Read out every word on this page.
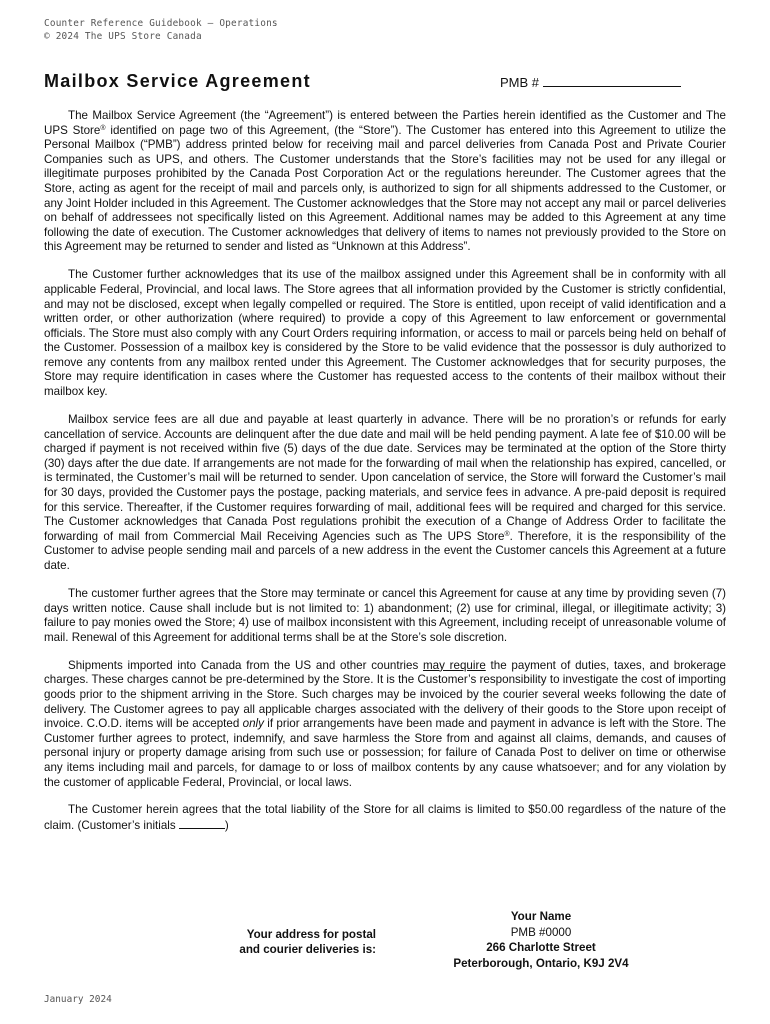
Counter Reference Guidebook – Operations
© 2024 The UPS Store Canada
Mailbox Service Agreement	PMB #

The Mailbox Service Agreement (the “Agreement”) is entered between the Parties herein identified as the Customer and The UPS Store® identified on page two of this Agreement, (the “Store”). The Customer has entered into this Agreement to utilize the Personal Mailbox (“PMB”) address printed below for receiving mail and parcel deliveries from Canada Post and Private Courier Companies such as UPS, and others. The Customer understands that the Store’s facilities may not be used for any illegal or illegitimate purposes prohibited by the Canada Post Corporation Act or the regulations hereunder. The Customer agrees that the Store, acting as agent for the receipt of mail and parcels only, is authorized to sign for all shipments addressed to the Customer, or any Joint Holder included in this Agreement. The Customer acknowledges that the Store may not accept any mail or parcel deliveries on behalf of addressees not specifically listed on this Agreement. Additional names may be added to this Agreement at any time following the date of execution. The Customer acknowledges that delivery of items to names not previously provided to the Store on this Agreement may be returned to sender and listed as “Unknown at this Address”.

The Customer further acknowledges that its use of the mailbox assigned under this Agreement shall be in conformity with all applicable Federal, Provincial, and local laws. The Store agrees that all information provided by the Customer is strictly confidential, and may not be disclosed, except when legally compelled or required. The Store is entitled, upon receipt of valid identification and a written order, or other authorization (where required) to provide a copy of this Agreement to law enforcement or governmental officials. The Store must also comply with any Court Orders requiring information, or access to mail or parcels being held on behalf of the Customer. Possession of a mailbox key is considered by the Store to be valid evidence that the possessor is duly authorized to remove any contents from any mailbox rented under this Agreement. The Customer acknowledges that for security purposes, the Store may require identification in cases where the Customer has requested access to the contents of their mailbox without their mailbox key.

Mailbox service fees are all due and payable at least quarterly in advance. There will be no proration’s or refunds for early cancellation of service. Accounts are delinquent after the due date and mail will be held pending payment. A late fee of $10.00 will be charged if payment is not received within five (5) days of the due date. Services may be terminated at the option of the Store thirty (30) days after the due date. If arrangements are not made for the forwarding of mail when the relationship has expired, cancelled, or is terminated, the Customer’s mail will be returned to sender. Upon cancelation of service, the Store will forward the Customer’s mail for 30 days, provided the Customer pays the postage, packing materials, and service fees in advance. A pre-paid deposit is required for this service. Thereafter, if the Customer requires forwarding of mail, additional fees will be required and charged for this service. The Customer acknowledges that Canada Post regulations prohibit the execution of a Change of Address Order to facilitate the forwarding of mail from Commercial Mail Receiving Agencies such as The UPS Store®. Therefore, it is the responsibility of the Customer to advise people sending mail and parcels of a new address in the event the Customer cancels this Agreement at a future date.

The customer further agrees that the Store may terminate or cancel this Agreement for cause at any time by providing seven (7) days written notice. Cause shall include but is not limited to: 1) abandonment; (2) use for criminal, illegal, or illegitimate activity; 3) failure to pay monies owed the Store; 4) use of mailbox inconsistent with this Agreement, including receipt of unreasonable volume of mail. Renewal of this Agreement for additional terms shall be at the Store’s sole discretion.

Shipments imported into Canada from the US and other countries may require the payment of duties, taxes, and brokerage charges. These charges cannot be pre-determined by the Store. It is the Customer’s responsibility to investigate the cost of importing goods prior to the shipment arriving in the Store. Such charges may be invoiced by the courier several weeks following the date of delivery. The Customer agrees to pay all applicable charges associated with the delivery of their goods to the Store upon receipt of invoice. C.O.D. items will be accepted only if prior arrangements have been made and payment in advance is left with the Store. The Customer further agrees to protect, indemnify, and save harmless the Store from and against all claims, demands, and causes of personal injury or property damage arising from such use or possession; for failure of Canada Post to deliver on time or otherwise any items including mail and parcels, for damage to or loss of mailbox contents by any cause whatsoever; and for any violation by the customer of applicable Federal, Provincial, or local laws.

The Customer herein agrees that the total liability of the Store for all claims is limited to $50.00 regardless of the nature of the claim. (Customer’s initials	)

Your address for postal
and courier deliveries is:
Your Name
PMB #0000
266 Charlotte Street
Peterborough, Ontario, K9J 2V4
January 2024
